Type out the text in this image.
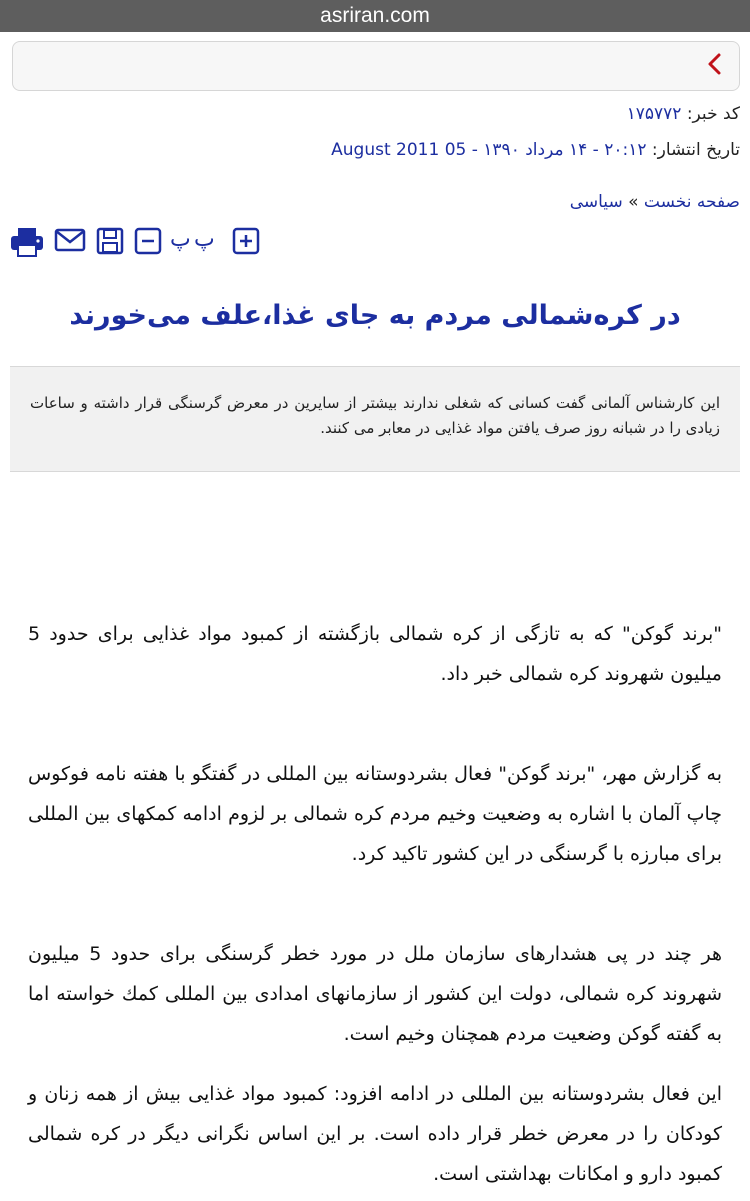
asriran.com
کد خبر: ۱۷۵۷۷۲
تاریخ انتشار: ۲۰:۱۲ - ۱۴ مرداد ۱۳۹۰ - 05 August 2011
صفحه نخست » سیاسی
پ پ
در کره‌شمالی مردم به جای غذا،علف می‌خورند
این کارشناس آلمانی گفت کسانی که شغلی ندارند بیشتر از سایرین در معرض گرسنگی قرار داشته و ساعات زیادی را در شبانه روز صرف یافتن مواد غذایی در معابر می کنند.
"برند گوکن" که به تازگی از کره شمالی بازگشته از کمبود مواد غذایی برای حدود 5 میلیون شهروند کره شمالی خبر داد.
به گزارش مهر، "برند گوکن" فعال بشردوستانه بین المللی در گفتگو با هفته نامه فوکوس چاپ آلمان با اشاره به وضعیت وخیم مردم کره شمالی بر لزوم ادامه کمکهای بین المللی برای مبارزه با گرسنگی در این کشور تاکید کرد.
هر چند در پی هشدارهای سازمان ملل در مورد خطر گرسنگی برای حدود 5 میلیون شهروند کره شمالی، دولت این کشور از سازمانهای امدادی بین المللی کمك خواسته اما به گفته گوکن وضعیت مردم همچنان وخیم است.
این فعال بشردوستانه بین المللی در ادامه افزود: کمبود مواد غذایی بیش از همه زنان و کودکان را در معرض خطر قرار داده است. بر این اساس نگرانی دیگر در کره شمالی کمبود دارو و امکانات بهداشتی است.
